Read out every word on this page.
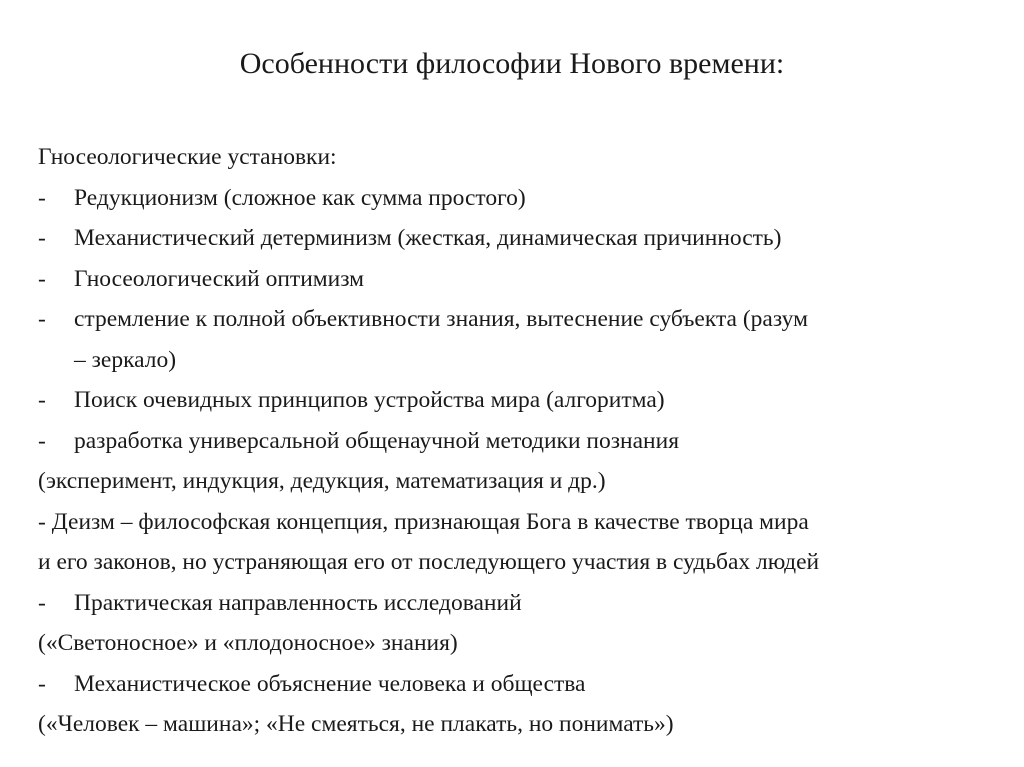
Особенности философии Нового времени:
Гносеологические установки:
- Редукционизм (сложное как сумма простого)
- Механистический детерминизм (жесткая, динамическая причинность)
- Гносеологический оптимизм
- стремление к полной объективности знания, вытеснение субъекта (разум
– зеркало)
- Поиск очевидных принципов устройства мира (алгоритма)
- разработка универсальной общенаучной методики познания
(эксперимент, индукция, дедукция, математизация и др.)
- Деизм – философская концепция, признающая Бога в качестве творца мира
и его законов, но устраняющая его от последующего участия в судьбах людей
- Практическая направленность исследований
(«Светоносное» и «плодоносное» знания)
- Механистическое объяснение человека и общества
(«Человек – машина»; «Не смеяться, не плакать, но понимать»)
